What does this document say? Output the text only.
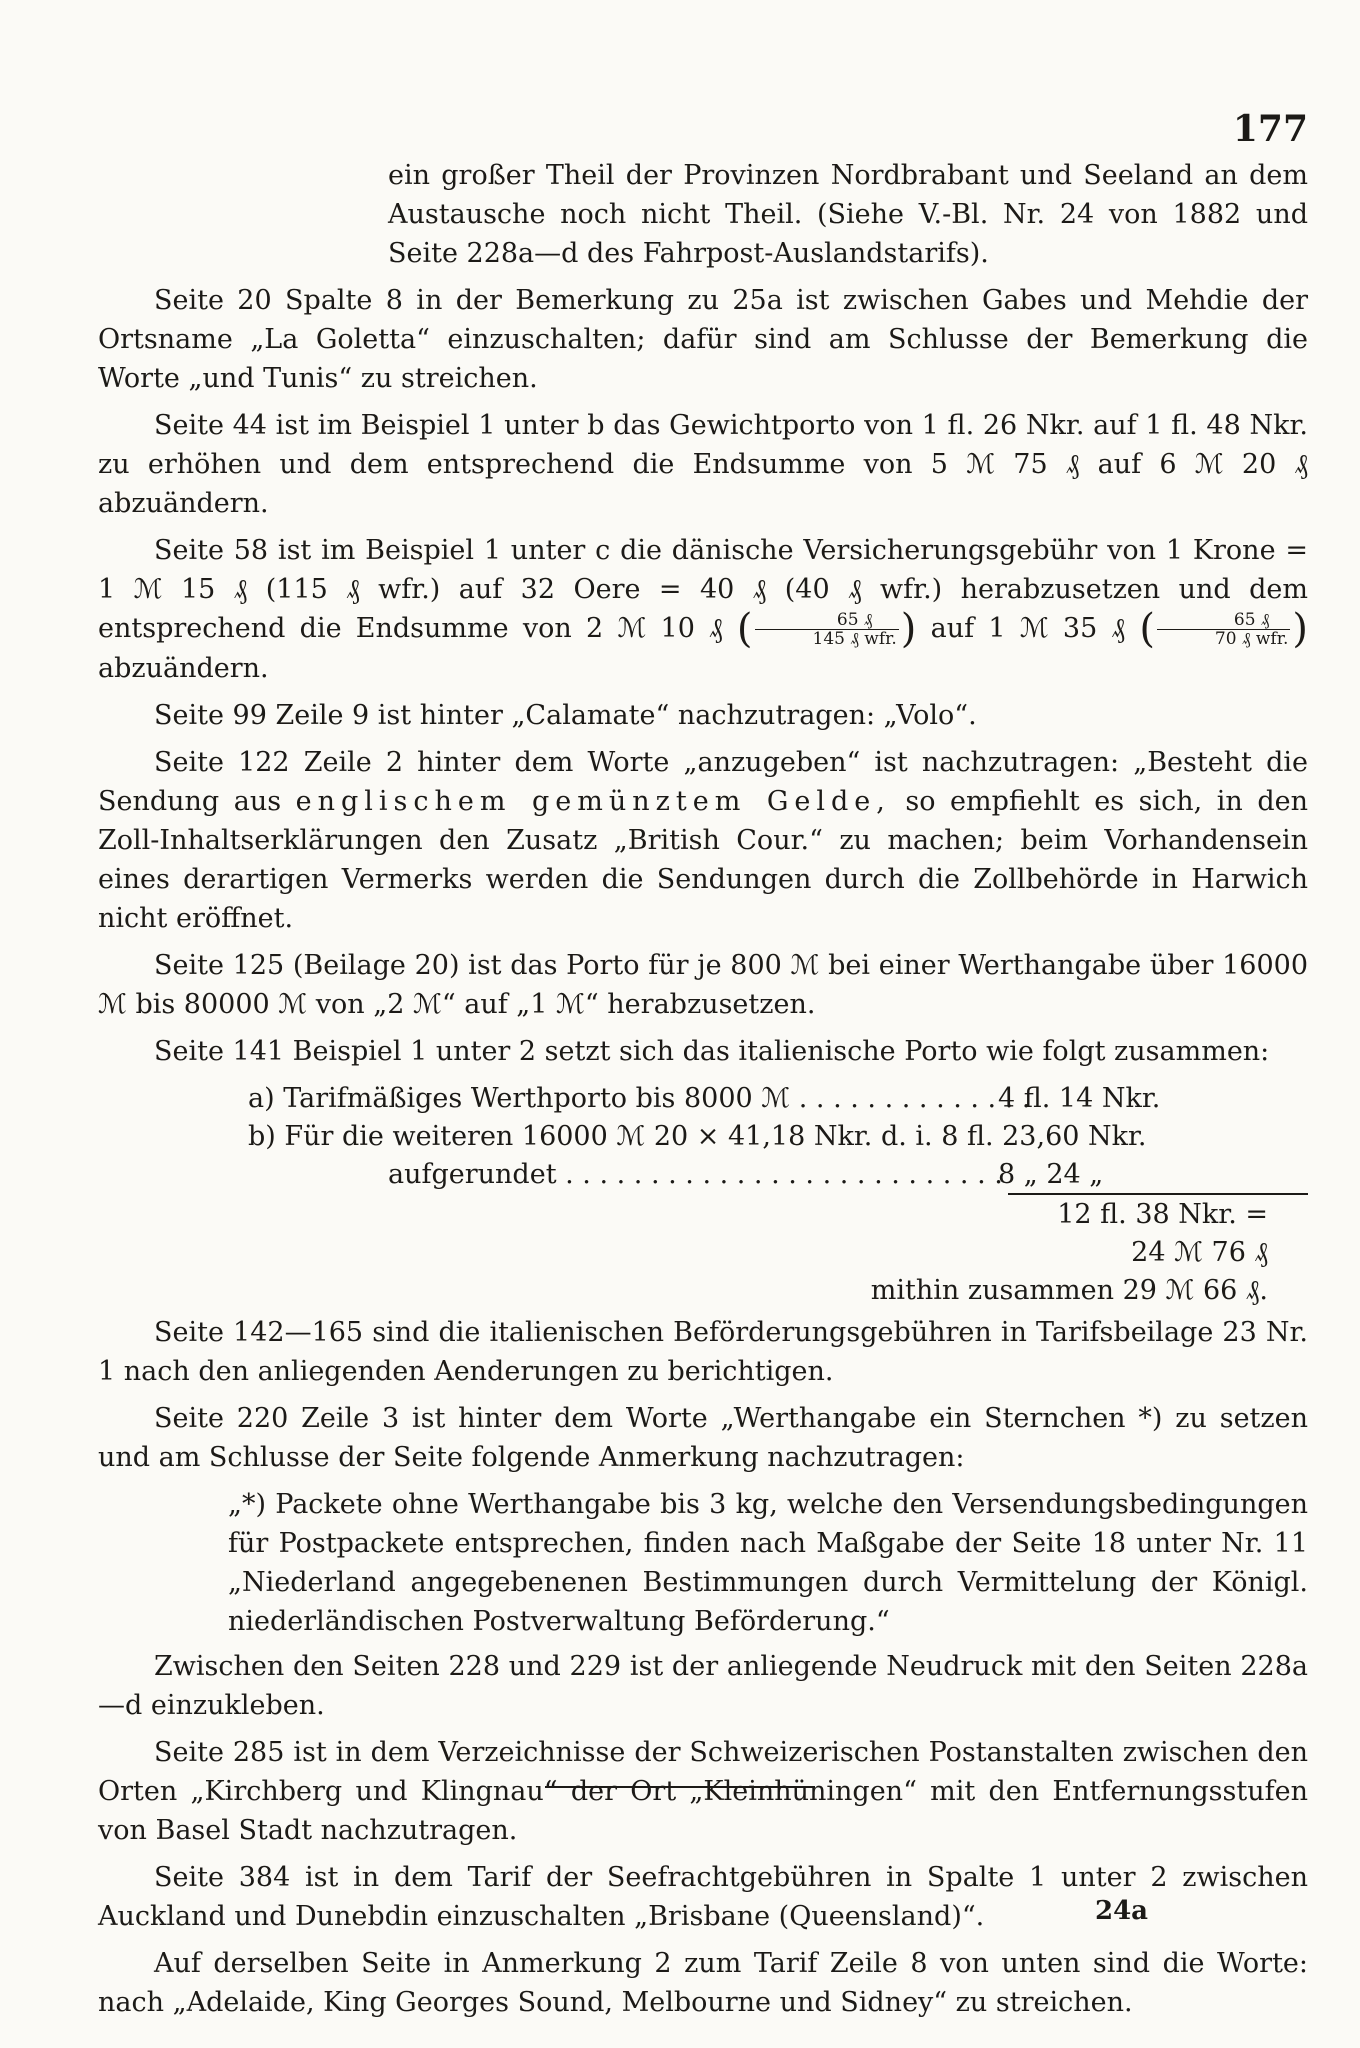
177

ein großer Theil der Provinzen Nordbrabant und Seeland an dem Austausche noch nicht Theil. (Siehe V.-Bl. Nr. 24 von 1882 und Seite 228a—d des Fahrpost-Auslandstarifs).

Seite 20 Spalte 8 in der Bemerkung zu 25a ist zwischen Gabes und Mehdie der Ortsname „La Goletta“ einzuschalten; dafür sind am Schlusse der Bemerkung die Worte „und Tunis“ zu streichen.

Seite 44 ist im Beispiel 1 unter b das Gewichtporto von 1 fl. 26 Nkr. auf 1 fl. 48 Nkr. zu erhöhen und dem entsprechend die Endsumme von 5 ℳ 75 ₰ auf 6 ℳ 20 ₰ abzuändern.

Seite 58 ist im Beispiel 1 unter c die dänische Versicherungsgebühr von 1 Krone = 1 ℳ 15 ₰ (115 ₰ wfr.) auf 32 Oere = 40 ₰ (40 ₰ wfr.) herabzusetzen und dem entsprechend die Endsumme von 2 ℳ 10 ₰ ( $\frac{65 ₰}{\text{145 ₰ wfr.}}$ ) auf 1 ℳ 35 ₰ ( $\frac{65 ₰}{\text{70 ₰ wfr.}}$ ) abzuändern.

Seite 99 Zeile 9 ist hinter „Calamate“ nachzutragen: „Volo“.

Seite 122 Zeile 2 hinter dem Worte „anzugeben“ ist nachzutragen: „Besteht die Sendung aus englischem gemünztem Gelde, so empfiehlt es sich, in den Zoll-Inhaltserklärungen den Zusatz „British Cour.“ zu machen; beim Vorhandensein eines derartigen Vermerks werden die Sendungen durch die Zollbehörde in Harwich nicht eröffnet.

Seite 125 (Beilage 20) ist das Porto für je 800 ℳ bei einer Werthangabe über 16000 ℳ bis 80000 ℳ von „2 ℳ“ auf „1 ℳ“ herabzusetzen.

Seite 141 Beispiel 1 unter 2 setzt sich das italienische Porto wie folgt zusammen:

a) Tarifmäßiges Werthporto bis 8000 ℳ . . . . . . . . . . . . . .
4 fl. 14 Nkr.
b) Für die weiteren 16000 ℳ 20 × 41,18 Nkr. d. i. 8 fl. 23,60 Nkr.
aufgerundet . . . . . . . . . . . . . . . . . . . . . . . . . .
8 „ 24 „
12 fl. 38 Nkr. =
24 ℳ 76 ₰
mithin zusammen 29 ℳ 66 ₰.

Seite 142—165 sind die italienischen Beförderungsgebühren in Tarifsbeilage 23 Nr. 1 nach den anliegenden Aenderungen zu berichtigen.

Seite 220 Zeile 3 ist hinter dem Worte „Werthangabe ein Sternchen *) zu setzen und am Schlusse der Seite folgende Anmerkung nachzutragen:

„*) Packete ohne Werthangabe bis 3 kg, welche den Versendungsbedingungen für Postpackete entsprechen, finden nach Maßgabe der Seite 18 unter Nr. 11 „Niederland angegebenenen Bestimmungen durch Vermittelung der Königl. niederländischen Postverwaltung Beförderung.“

Zwischen den Seiten 228 und 229 ist der anliegende Neudruck mit den Seiten 228a—d einzukleben.

Seite 285 ist in dem Verzeichnisse der Schweizerischen Postanstalten zwischen den Orten „Kirchberg und Klingnau“ der Ort „Kleinhüningen“ mit den Entfernungsstufen von Basel Stadt nachzutragen.

Seite 384 ist in dem Tarif der Seefrachtgebühren in Spalte 1 unter 2 zwischen Auckland und Dunebdin einzuschalten „Brisbane (Queensland)“.

Auf derselben Seite in Anmerkung 2 zum Tarif Zeile 8 von unten sind die Worte: nach „Adelaide, King Georges Sound, Melbourne und Sidney“ zu streichen.

24a
